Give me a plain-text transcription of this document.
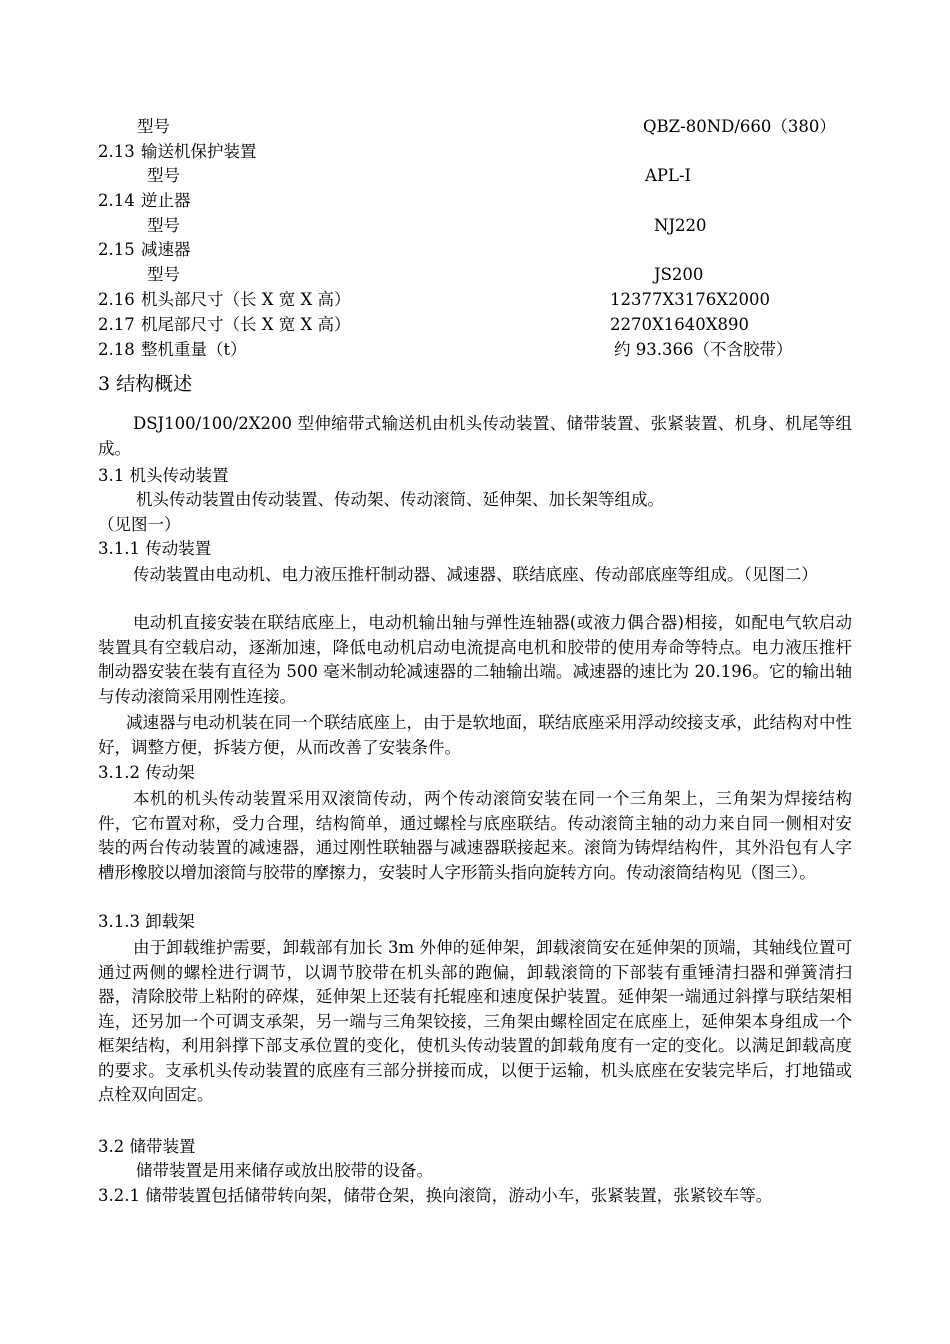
型号	QBZ-80ND/660（380）
2.13 输送机保护装置
型号	APL-I
2.14 逆止器
型号	NJ220
2.15 减速器
型号	JS200
2.16 机头部尺寸（长 X 宽 X 高）	12377X3176X2000
2.17 机尾部尺寸（长 X 宽 X 高）	2270X1640X890
2.18 整机重量（t）	约 93.366（不含胶带）
3 结构概述
DSJ100/100/2X200 型伸缩带式输送机由机头传动装置、储带装置、张紧装置、机身、机尾等组成。
3.1 机头传动装置
机头传动装置由传动装置、传动架、传动滚筒、延伸架、加长架等组成。
（见图一）
3.1.1 传动装置
传动装置由电动机、电力液压推杆制动器、减速器、联结底座、传动部底座等组成。（见图二）
电动机直接安装在联结底座上，电动机输出轴与弹性连轴器(或液力偶合器)相接，如配电气软启动装置具有空载启动，逐渐加速，降低电动机启动电流提高电机和胶带的使用寿命等特点。电力液压推杆制动器安装在装有直径为 500 毫米制动轮减速器的二轴输出端。减速器的速比为 20.196。它的输出轴与传动滚筒采用刚性连接。
减速器与电动机装在同一个联结底座上，由于是软地面，联结底座采用浮动绞接支承，此结构对中性好，调整方便，拆装方便，从而改善了安装条件。
3.1.2 传动架
本机的机头传动装置采用双滚筒传动，两个传动滚筒安装在同一个三角架上，三角架为焊接结构件，它布置对称，受力合理，结构简单，通过螺栓与底座联结。传动滚筒主轴的动力来自同一侧相对安装的两台传动装置的减速器，通过刚性联轴器与减速器联接起来。滚筒为铸焊结构件，其外沿包有人字槽形橡胶以增加滚筒与胶带的摩擦力，安装时人字形箭头指向旋转方向。传动滚筒结构见（图三）。
3.1.3 卸载架
由于卸载维护需要，卸载部有加长 3m 外伸的延伸架，卸载滚筒安在延伸架的顶端，其轴线位置可通过两侧的螺栓进行调节，以调节胶带在机头部的跑偏，卸载滚筒的下部装有重锤清扫器和弹簧清扫器，清除胶带上粘附的碎煤，延伸架上还装有托辊座和速度保护装置。延伸架一端通过斜撑与联结架相连，还另加一个可调支承架，另一端与三角架铰接，三角架由螺栓固定在底座上，延伸架本身组成一个框架结构，利用斜撑下部支承位置的变化，使机头传动装置的卸载角度有一定的变化。以满足卸载高度的要求。支承机头传动装置的底座有三部分拼接而成，以便于运输，机头底座在安装完毕后，打地锚或点栓双向固定。
3.2 储带装置
储带装置是用来储存或放出胶带的设备。
3.2.1 储带装置包括储带转向架，储带仓架，换向滚筒，游动小车，张紧装置，张紧铰车等。
